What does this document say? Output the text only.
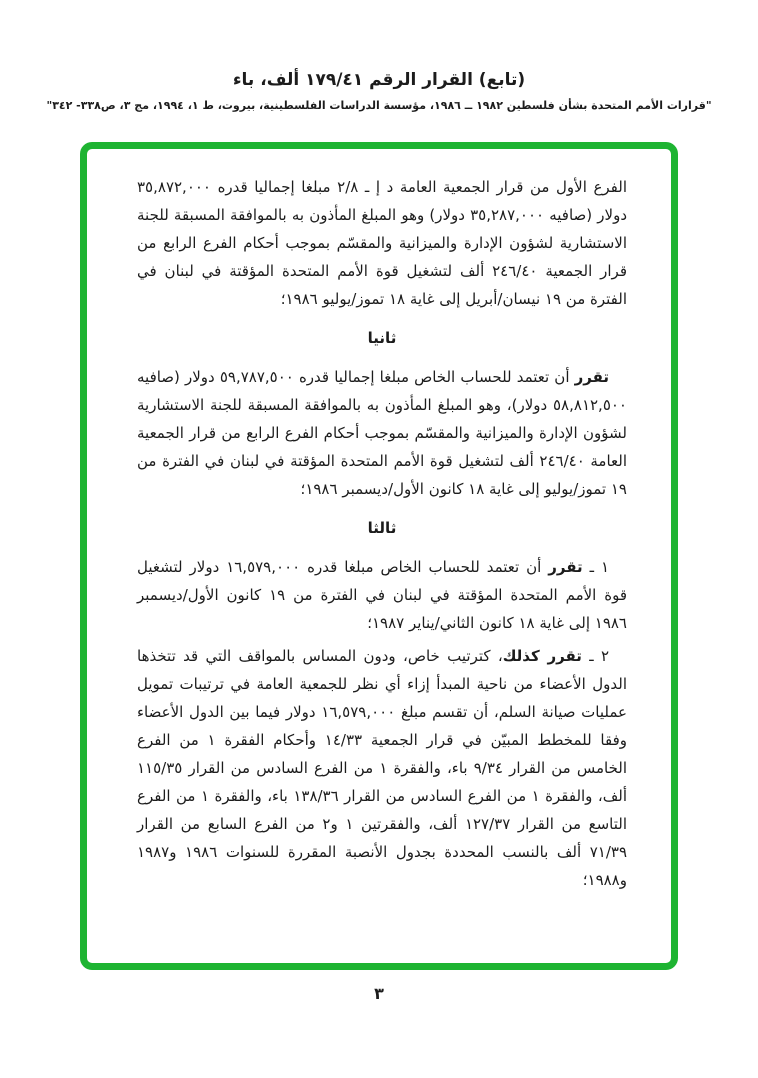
(تابع) القرار الرقم ١٧٩/٤١ ألف، باء
"قرارات الأمم المتحدة بشأن فلسطين ١٩٨٢ ــ ١٩٨٦، مؤسسة الدراسات الفلسطينية، بيروت، ط ١، ١٩٩٤، مج ٣، ص٣٣٨- ٣٤٢"

الفرع الأول من قرار الجمعية العامة د إ ـ ٢/٨ مبلغا إجماليا قدره ٣٥,٨٧٢,٠٠٠ دولار (صافيه ٣٥,٢٨٧,٠٠٠ دولار) وهو المبلغ المأذون به بالموافقة المسبقة للجنة الاستشارية لشؤون الإدارة والميزانية والمقسّم بموجب أحكام الفرع الرابع من قرار الجمعية ٢٤٦/٤٠ ألف لتشغيل قوة الأمم المتحدة المؤقتة في لبنان في الفترة من ١٩ نيسان/أبريل إلى غاية ١٨ تموز/يوليو ١٩٨٦؛

ثانيا

تقرر أن تعتمد للحساب الخاص مبلغا إجماليا قدره ٥٩,٧٨٧,٥٠٠ دولار (صافيه ٥٨,٨١٢,٥٠٠ دولار)، وهو المبلغ المأذون به بالموافقة المسبقة للجنة الاستشارية لشؤون الإدارة والميزانية والمقسّم بموجب أحكام الفرع الرابع من قرار الجمعية العامة ٢٤٦/٤٠ ألف لتشغيل قوة الأمم المتحدة المؤقتة في لبنان في الفترة من ١٩ تموز/يوليو إلى غاية ١٨ كانون الأول/ديسمبر ١٩٨٦؛

ثالثا

١ ـ تقرر أن تعتمد للحساب الخاص مبلغا قدره ١٦,٥٧٩,٠٠٠ دولار لتشغيل قوة الأمم المتحدة المؤقتة في لبنان في الفترة من ١٩ كانون الأول/ديسمبر ١٩٨٦ إلى غاية ١٨ كانون الثاني/يناير ١٩٨٧؛

٢ ـ تقرر كذلك، كترتيب خاص، ودون المساس بالمواقف التي قد تتخذها الدول الأعضاء من ناحية المبدأ إزاء أي نظر للجمعية العامة في ترتيبات تمويل عمليات صيانة السلم، أن تقسم مبلغ ١٦,٥٧٩,٠٠٠ دولار فيما بين الدول الأعضاء وفقا للمخطط المبيّن في قرار الجمعية ١٤/٣٣ وأحكام الفقرة ١ من الفرع الخامس من القرار ٩/٣٤ باء، والفقرة ١ من الفرع السادس من القرار ١١٥/٣٥ ألف، والفقرة ١ من الفرع السادس من القرار ١٣٨/٣٦ باء، والفقرة ١ من الفرع التاسع من القرار ١٢٧/٣٧ ألف، والفقرتين ١ و٢ من الفرع السابع من القرار ٧١/٣٩ ألف بالنسب المحددة بجدول الأنصبة المقررة للسنوات ١٩٨٦ و١٩٨٧ و١٩٨٨؛

٣
